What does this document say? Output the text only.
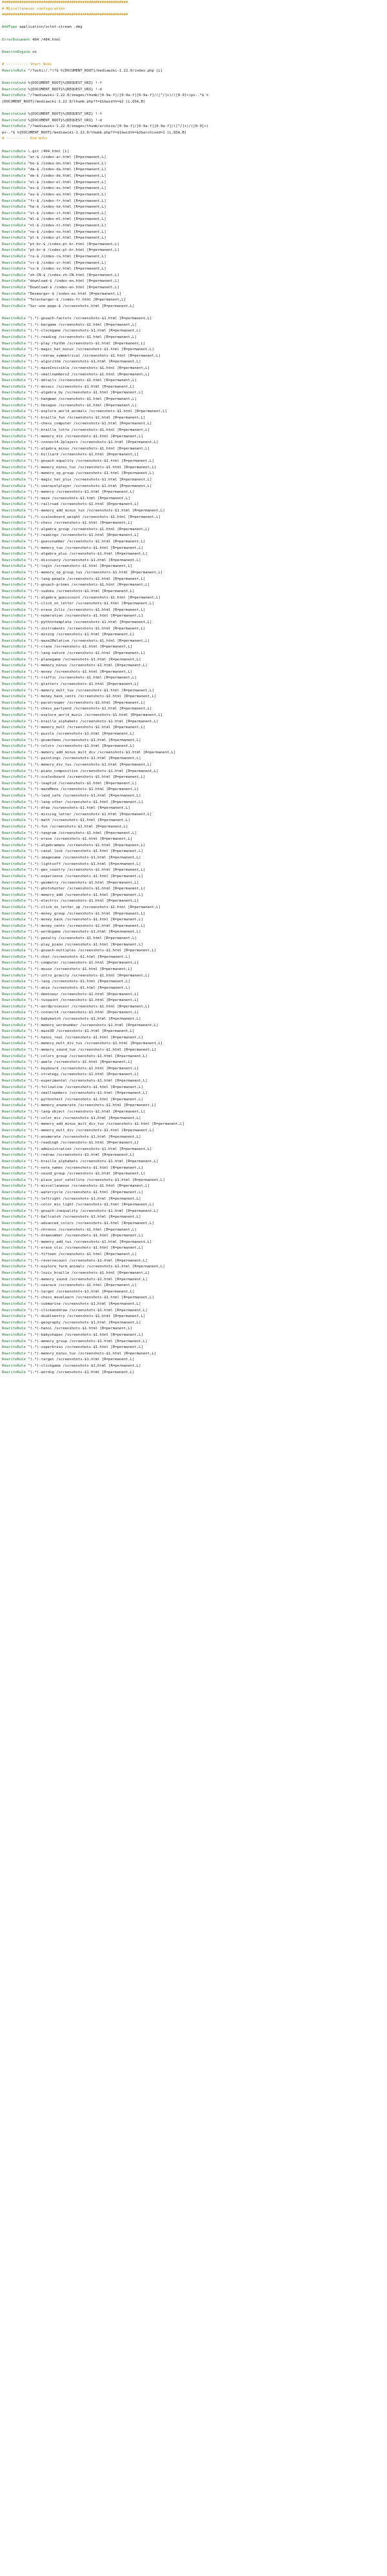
##########################################################
# Miscellaneous configuration
##########################################################
AddType application/octet-stream .dmg
ErrorDocument 404 /404.html
RewriteEngine on
# ---------- Start Wiki
RewriteRule ^/?wiki(/.*)?$ %{DOCUMENT_ROOT}/mediawiki-1.22.0/index.php [L]
RewriteCond %{DOCUMENT_ROOT}%{REQUEST_URI} !-f
RewriteCond %{DOCUMENT_ROOT}%{REQUEST_URI} !-d
RewriteRule ^/?mediawiki-1.22.0/images/thumb/[0-9a-f]/[0-9a-f][0-9a-f]/([^/]+)/([0-9]+)px-.*$ %
{DOCUMENT_ROOT}/mediawiki-1.22.0/thumb.php?f=$1&width=$2 [L,QSA,B]
RewriteCond %{DOCUMENT_ROOT}%{REQUEST_URI} !-f
RewriteCond %{DOCUMENT_ROOT}%{REQUEST_URI} !-d
RewriteRule ^/?mediawiki-1.22.0/images/thumb/archive/[0-9a-f]/[0-9a-f][0-9a-f]/([^/]+)/([0-9]+)
px-.*$ %{DOCUMENT_ROOT}/mediawiki-1.22.0/thumb.php?f=$1&width=$2&archived=1 [L,QSA,B]
# ---------- End Wiki
RewriteRule \.git /404.html [L]
RewriteRule ^ar-$ /index-ar.html [R=permanent,L]
RewriteRule ^bn-$ /index-bn.html [R=permanent,L]
RewriteRule ^da-$ /index-da.html [R=permanent,L]
RewriteRule ^de-$ /index-de.html [R=permanent,L]
RewriteRule ^el-$ /index-el.html [R=permanent,L]
RewriteRule ^es-$ /index-es.html [R=permanent,L]
RewriteRule ^eu-$ /index-eu.html [R=permanent,L]
RewriteRule ^fr-$ /index-fr.html [R=permanent,L]
RewriteRule ^he-$ /index-he.html [R=permanent,L]
RewriteRule ^it-$ /index-it.html [R=permanent,L]
RewriteRule ^ml-$ /index-ml.html [R=permanent,L]
RewriteRule ^nl-$ /index-nl.html [R=permanent,L]
RewriteRule ^no-$ /index-no.html [R=permanent,L]
RewriteRule ^pl-$ /index-pl.html [R=permanent,L]
RewriteRule ^pt-br-$ /index-pt-br.html [R=permanent,L]
RewriteRule ^pt-br-$ /index-pt-br.html [R=permanent,L]
RewriteRule ^ru-$ /index-ru.html [R=permanent,L]
RewriteRule ^sr-$ /index-sr.html [R=permanent,L]
RewriteRule ^sv-$ /index-sv.html [R=permanent,L]
RewriteRule ^zh-CN-$ /index-zh-CN.html [R=permanent,L]
RewriteRule ^download-$ /index-en.html [R=permanent,L]
RewriteRule ^Download-$ /index-en.html [R=permanent,L]
RewriteRule ^Desmarger-$ /index-es.html [R=permanent,L]
RewriteRule ^Telecharger-$ /index-fr.html [R=permanent,L]
RewriteRule ^Sur-une-page-$ /screenshots.html [R=permanent,L]
RewriteRule ^(.*)-gnuach-factors /screenshots-$1.html [R=permanent,L]
RewriteRule ^(.*)-bargame /screenshots-$1.html [R=permanent,L]
RewriteRule ^(.*)-clockgame /screenshots-$1.html [R=permanent,L]
RewriteRule ^(.*)-reading /screenshots-$1.html [R=permanent,L]
RewriteRule ^(.*)-play_rhythm /screenshots-$1.html [R=permanent,L]
RewriteRule ^(.*)-magic_hat_minus /screenshots-$1.html [R=permanent,L]
RewriteRule ^(.*)-redraw_symmetrical /screenshots-$1.html [R=permanent,L]
RewriteRule ^(.*)-algorithm /screenshots-$1.html [R=permanent,L]
RewriteRule ^(.*)-mazeInvisible /screenshots-$1.html [R=permanent,L]
RewriteRule ^(.*)-smallnumbers2 /screenshots-$1.html [R=permanent,L]
RewriteRule ^(.*)-details /screenshots-$1.html [R=permanent,L]
RewriteRule ^(.*)-mosaic /screenshots-$1.html [R=permanent,L]
RewriteRule ^(.*)-algebra_by /screenshots-$1.html [R=permanent,L]
RewriteRule ^(.*)-hangman /screenshots-$1.html [R=permanent,L]
RewriteRule ^(.*)-hexagon /screenshots-$1.html [R=permanent,L]
RewriteRule ^(.*)-explore_world_animals /screenshots-$1.html [R=permanent,L]
RewriteRule ^(.*)-braille_fun /screenshots-$1.html [R=permanent,L]
RewriteRule ^(.*)-chess_computer /screenshots-$1.html [R=permanent,L]
RewriteRule ^(.*)-braille_lotto /screenshots-$1.html [R=permanent,L]
RewriteRule ^(.*)-memory_div /screenshots-$1.html [R=permanent,L]
RewriteRule ^(.*)-connect4-2players /screenshots-$1.html [R=permanent,L]
RewriteRule ^(.*)-algebra_minus /screenshots-$1.html [R=permanent,L]
RewriteRule ^(.*)-billiard /screenshots-$1.html [R=permanent,L]
RewriteRule ^(.*)-gnuach-equality /screenshots-$1.html [R=permanent,L]
RewriteRule ^(.*)-memory_minus_tux /screenshots-$1.html [R=permanent,L]
RewriteRule ^(.*)-memory_op_group /screenshots-$1.html [R=permanent,L]
RewriteRule ^(.*)-magic_hat_plus /screenshots-$1.html [R=permanent,L]
RewriteRule ^(.*)-searacelplayer /screenshots-$1.html [R=permanent,L]
RewriteRule ^(.*)-memory /screenshots-$1.html [R=permanent,L]
RewriteRule ^(.*)-maze /screenshots-$1.html [R=permanent,L]
RewriteRule ^(.*)-railroad /screenshots-$1.html [R=permanent,L]
RewriteRule ^(.*)-memory_add_minus_tux /screenshots-$1.html [R=permanent,L]
RewriteRule ^(.*)-scalesboard_weight /screenshots-$1.html [R=permanent,L]
RewriteRule ^(.*)-chess /screenshots-$1.html [R=permanent,L]
RewriteRule ^(.*)-algebra_group /screenshots-$1.html [R=permanent,L]
RewriteRule ^(.*)-readingv /screenshots-$1.html [R=permanent,L]
RewriteRule ^(.*)-guessnumber /screenshots-$1.html [R=permanent,L]
RewriteRule ^(.*)-memory_tux /screenshots-$1.html [R=permanent,L]
RewriteRule ^(.*)-algebra_plus /screenshots-$1.html [R=permanent,L]
RewriteRule ^(.*)-discovery /screenshots-$1.html [R=permanent,L]
RewriteRule ^(.*)-login /screenshots-$1.html [R=permanent,L]
RewriteRule ^(.*)-memory_op_group_tux /screenshots-$1.html [R=permanent,L]
RewriteRule ^(.*)-lang-people /screenshots-$1.html [R=permanent,L]
RewriteRule ^(.*)-gnuach-primes /screenshots-$1.html [R=permanent,L]
RewriteRule ^(.*)-sudoku /screenshots-$1.html [R=permanent,L]
RewriteRule ^(.*)-algebra_guesscount /screenshots-$1.html [R=permanent,L]
RewriteRule ^(.*)-click_on_letter /screenshots-$1.html [R=permanent,L]
RewriteRule ^(.*)-erase_2clic /screenshots-$1.html [R=permanent,L]
RewriteRule ^(.*)-numeration /screenshots-$1.html [R=permanent,L]
RewriteRule ^(.*)-pythontemplate /screenshots-$1.html [R=permanent,L]
RewriteRule ^(.*)-instruments /screenshots-$1.html [R=permanent,L]
RewriteRule ^(.*)-mining /screenshots-$1.html [R=permanent,L]
RewriteRule ^(.*)-maze2Relative /screenshots-$1.html [R=permanent,L]
RewriteRule ^(.*)-crane /screenshots-$1.html [R=permanent,L]
RewriteRule ^(.*)-lang-nature /screenshots-$1.html [R=permanent,L]
RewriteRule ^(.*)-planegame /screenshots-$1.html [R=permanent,L]
RewriteRule ^(.*)-memory_minus /screenshots-$1.html [R=permanent,L]
RewriteRule ^(.*)-money /screenshots-$1.html [R=permanent,L]
RewriteRule ^(.*)-traffic /screenshots-$1.html [R=permanent,L]
RewriteRule ^(.*)-glatters /screenshots-$1.html [R=permanent,L]
RewriteRule ^(.*)-memory_mult_tux /screenshots-$1.html [R=permanent,L]
RewriteRule ^(.*)-money_back_cents /screenshots-$1.html [R=permanent,L]
RewriteRule ^(.*)-paratrooper /screenshots-$1.html [R=permanent,L]
RewriteRule ^(.*)-chess_partyend /screenshots-$1.html [R=permanent,L]
RewriteRule ^(.*)-explore_world_music /screenshots-$1.html [R=permanent,L]
RewriteRule ^(.*)-braille_alphabets /screenshots-$1.html [R=permanent,L]
RewriteRule ^(.*)-memory_mult /screenshots-$1.html [R=permanent,L]
RewriteRule ^(.*)-puzzle /screenshots-$1.html [R=permanent,L]
RewriteRule ^(.*)-gnumchemu /screenshots-$1.html [R=permanent,L]
RewriteRule ^(.*)-colors /screenshots-$1.html [R=permanent,L]
RewriteRule ^(.*)-memory_add_minus_mult_div /screenshots-$1.html [R=permanent,L]
RewriteRule ^(.*)-paintings /screenshots-$1.html [R=permanent,L]
RewriteRule ^(.*)-memory_div_tux /screenshots-$1.html [R=permanent,L]
RewriteRule ^(.*)-piano_composition /screenshots-$1.html [R=permanent,L]
RewriteRule ^(.*)-scalesboard /screenshots-$1.html [R=permanent,L]
RewriteRule ^(.*)-leaptid /screenshots-$1.html [R=permanent,L]
RewriteRule ^(.*)-mazeMenu /screenshots-$1.html [R=permanent,L]
RewriteRule ^(.*)-land_safe /screenshots-$1.html [R=permanent,L]
RewriteRule ^(.*)-lang-other /screenshots-$1.html [R=permanent,L]
RewriteRule ^(.*)-draw /screenshots-$1.html [R=permanent,L]
RewriteRule ^(.*)-missing_letter /screenshots-$1.html [R=permanent,L]
RewriteRule ^(.*)-math /screenshots-$1.html [R=permanent,L]
RewriteRule ^(.*)-fun /screenshots-$1.html [R=permanent,L]
RewriteRule ^(.*)-tangram /screenshots-$1.html [R=permanent,L]
RewriteRule ^(.*)-erase /screenshots-$1.html [R=permanent,L]
RewriteRule ^(.*)-algebramenu /screenshots-$1.html [R=permanent,L]
RewriteRule ^(.*)-canal_lock /screenshots-$1.html [R=permanent,L]
RewriteRule ^(.*)-imagename /screenshots-$1.html [R=permanent,L]
RewriteRule ^(.*)-lightsoff /screenshots-$1.html [R=permanent,L]
RewriteRule ^(.*)-geo_country /screenshots-$1.html [R=permanent,L]
RewriteRule ^(.*)-experience /screenshots-$1.html [R=permanent,L]
RewriteRule ^(.*)-geometry /screenshots-$1.html [R=permanent,L]
RewriteRule ^(.*)-photohunter /screenshots-$1.html [R=permanent,L]
RewriteRule ^(.*)-memory_add /screenshots-$1.html [R=permanent,L]
RewriteRule ^(.*)-electric /screenshots-$1.html [R=permanent,L]
RewriteRule ^(.*)-click_on_letter_up /screenshots-$1.html [R=permanent,L]
RewriteRule ^(.*)-money_group /screenshots-$1.html [R=permanent,L]
RewriteRule ^(.*)-money_back /screenshots-$1.html [R=permanent,L]
RewriteRule ^(.*)-money_cents /screenshots-$1.html [R=permanent,L]
RewriteRule ^(.*)-wordsgame /screenshots-$1.html [R=permanent,L]
RewriteRule ^(.*)-penalty /screenshots-$1.html [R=permanent,L]
RewriteRule ^(.*)-play_piano /screenshots-$1.html [R=permanent,L]
RewriteRule ^(.*)-gnuach-multiples /screenshots-$1.html [R=permanent,L]
RewriteRule ^(.*)-chat /screenshots-$1.html [R=permanent,L]
RewriteRule ^(.*)-computer /screenshots-$1.html [R=permanent,L]
RewriteRule ^(.*)-mouse /screenshots-$1.html [R=permanent,L]
RewriteRule ^(.*)-intro_gravity /screenshots-$1.html [R=permanent,L]
RewriteRule ^(.*)-lang /screenshots-$1.html [R=permanent,L]
RewriteRule ^(.*)-ania /screenshots-$1.html [R=permanent,L]
RewriteRule ^(.*)-demineur /screenshots-$1.html [R=permanent,L]
RewriteRule ^(.*)-tuxpaint /screenshots-$1.html [R=permanent,L]
RewriteRule ^(.*)-wordprocessor /screenshots-$1.html [R=permanent,L]
RewriteRule ^(.*)-connect4 /screenshots-$1.html [R=permanent,L]
RewriteRule ^(.*)-babymatch /screenshots-$1.html [R=permanent,L]
RewriteRule ^(.*)-memory_wordnumber /screenshots-$1.html [R=permanent,L]
RewriteRule ^(.*)-maze3D /screenshots-$1.html [R=permanent,L]
RewriteRule ^(.*)-hanoi_real /screenshots-$1.html [R=permanent,L]
RewriteRule ^(.*)-memory_mult_div_tux /screenshots-$1.html [R=permanent,L]
RewriteRule ^(.*)-memory_sound_tux /screenshots-$1.html [R=permanent,L]
RewriteRule ^(.*)-colors_group /screenshots-$1.html [R=permanent,L]
RewriteRule ^(.*)-awele /screenshots-$1.html [R=permanent,L]
RewriteRule ^(.*)-keyboard /screenshots-$1.html [R=permanent,L]
RewriteRule ^(.*)-strategy /screenshots-$1.html [R=permanent,L]
RewriteRule ^(.*)-experimental /screenshots-$1.html [R=permanent,L]
RewriteRule ^(.*)-followline /screenshots-$1.html [R=permanent,L]
RewriteRule ^(.*)-smallnumbers /screenshots-$1.html [R=permanent,L]
RewriteRule ^(.*)-pythontest /screenshots-$1.html [R=permanent,L]
RewriteRule ^(.*)-memory_enumerate /screenshots-$1.html [R=permanent,L]
RewriteRule ^(.*)-lang-object /screenshots-$1.html [R=permanent,L]
RewriteRule ^(.*)-color_mix /screenshots-$1.html [R=permanent,L]
RewriteRule ^(.*)-memory_add_minus_mult_div_tux /screenshots-$1.html [R=permanent,L]
RewriteRule ^(.*)-memory_mult_div /screenshots-$1.html [R=permanent,L]
RewriteRule ^(.*)-enumerate /screenshots-$1.html [R=permanent,L]
RewriteRule ^(.*)-readingh /screenshots-$1.html [R=permanent,L]
RewriteRule ^(.*)-administration /screenshots-$1.html [R=permanent,L]
RewriteRule ^(.*)-redraw /screenshots-$1.html [R=permanent,L]
RewriteRule ^(.*)-braille_alphabets /screenshots-$1.html [R=permanent,L]
RewriteRule ^(.*)-note_names /screenshots-$1.html [R=permanent,L]
RewriteRule ^(.*)-sound_group /screenshots-$1.html [R=permanent,L]
RewriteRule ^(.*)-place_your_satellite /screenshots-$1.html [R=permanent,L]
RewriteRule ^(.*)-miscellaneous /screenshots-$1.html [R=permanent,L]
RewriteRule ^(.*)-watercycle /screenshots-$1.html [R=permanent,L]
RewriteRule ^(.*)-leftright /screenshots-$1.html [R=permanent,L]
RewriteRule ^(.*)-color_mix_light /screenshots-$1.html [R=permanent,L]
RewriteRule ^(.*)-gnuach-inequality /screenshots-$1.html [R=permanent,L]
RewriteRule ^(.*)-ballcatch /screenshots-$1.html [R=permanent,L]
RewriteRule ^(.*)-advanced_colors /screenshots-$1.html [R=permanent,L]
RewriteRule ^(.*)-chronos /screenshots-$1.html [R=permanent,L]
RewriteRule ^(.*)-drawnumber /screenshots-$1.html [R=permanent,L]
RewriteRule ^(.*)-memory_add_tux /screenshots-$1.html [R=permanent,L]
RewriteRule ^(.*)-erase_clic /screenshots-$1.html [R=permanent,L]
RewriteRule ^(.*)-fifteen /screenshots-$1.html [R=permanent,L]
RewriteRule ^(.*)-reversecount /screenshots-$1.html [R=permanent,L]
RewriteRule ^(.*)-explore_farm_animals /screenshots-$1.html [R=permanent,L]
RewriteRule ^(.*)-louis_braille /screenshots-$1.html [R=permanent,L]
RewriteRule ^(.*)-memory_sound /screenshots-$1.html [R=permanent,L]
RewriteRule ^(.*)-searace /screenshots-$1.html [R=permanent,L]
RewriteRule ^(.*)-target /screenshots-$1.html [R=permanent,L]
RewriteRule ^(.*)-chess_movelearn /screenshots-$1.html [R=permanent,L]
RewriteRule ^(.*)-submarine /screenshots-$1.html [R=permanent,L]
RewriteRule ^(.*)-clickanddraw /screenshots-$1.html [R=permanent,L]
RewriteRule ^(.*)-doubleentry /screenshots-$1.html [R=permanent,L]
RewriteRule ^(.*)-geography /screenshots-$1.html [R=permanent,L]
RewriteRule ^(.*)-hanoi /screenshots-$1.html [R=permanent,L]
RewriteRule ^(.*)-babyshapes /screenshots-$1.html [R=permanent,L]
RewriteRule ^(.*)-memory_group /screenshots-$1.html [R=permanent,L]
RewriteRule ^(.*)-superbrain /screenshots-$1.html [R=permanent,L]
RewriteRule ^(.*)-memory_minus_tux /screenshots-$1.html [R=permanent,L]
RewriteRule ^(.*)-target /screenshots-$1.html [R=permanent,L]
RewriteRule ^(.*)-clickgame /screenshots-$1.html [R=permanent,L]
RewriteRule ^(.*)-wordsg /screenshots-$1.html [R=permanent,L]
